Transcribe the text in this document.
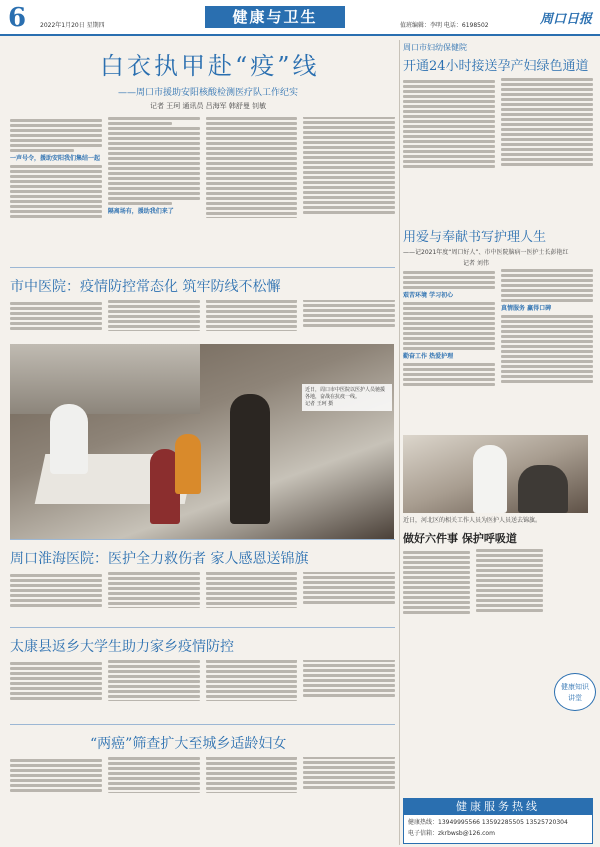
6 2022年1月20日 星期四	健康与卫生	值班编辑：李明 电话：6198502	周口日报
白衣执甲赴“疫”线
——周口市援助安阳核酸检测医疗队工作纪实
记者 王珂 通讯员 吕海军 韩舒曼 钊敏
一声号令，援助安阳我们集结一起
隔离场有，援助我们来了
市中医院：疫情防控常态化 筑牢防线不松懈
近日，周口市中医院以医护人员驰援各地，奋战在抗疫一线。
记者 王珂 摄
周口淮海医院：医护全力救伤者 家人感恩送锦旗
太康县返乡大学生助力家乡疫情防控
“两癌”筛查扩大至城乡适龄妇女
周口市妇幼保健院
开通24小时接送孕产妇绿色通道
用爱与奉献书写护理人生
——记2021年度“周口好人”、市中医院脑病一医护士长彭艳红
记者 刘伟
艰苦环境 学习初心
勤奋工作 热爱护理
真情服务 赢得口碑
近日，河北区的相关工作人员为医护人员送去锦旗。
做好六件事 保护呼吸道
健康知识
讲堂
健康服务热线
健康热线：13949995566 13592285505 13525720304
电子信箱：zkrbwsb@126.com
